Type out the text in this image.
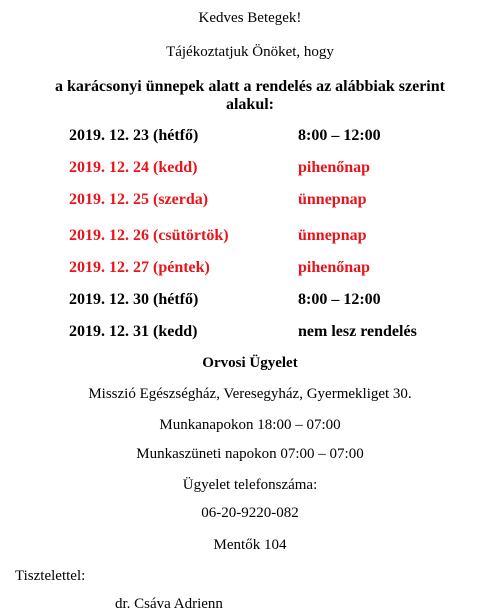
Kedves Betegek!
Tájékoztatjuk Önöket, hogy
a karácsonyi ünnepek alatt a rendelés az alábbiak szerint
alakul:
2019. 12. 23 (hétfő)	8:00 – 12:00
2019. 12. 24 (kedd)	pihenőnap
2019. 12. 25 (szerda)	ünnepnap
2019. 12. 26 (csütörtök)	ünnepnap
2019. 12. 27 (péntek)	pihenőnap
2019. 12. 30 (hétfő)	8:00 – 12:00
2019. 12. 31 (kedd)	nem lesz rendelés
Orvosi Ügyelet
Misszió Egészségház, Veresegyház, Gyermekliget 30.
Munkanapokon 18:00 – 07:00
Munkaszüneti napokon 07:00 – 07:00
Ügyelet telefonszáma:
06-20-9220-082
Mentők 104
Tisztelettel:
dr. Csáva Adrienn
